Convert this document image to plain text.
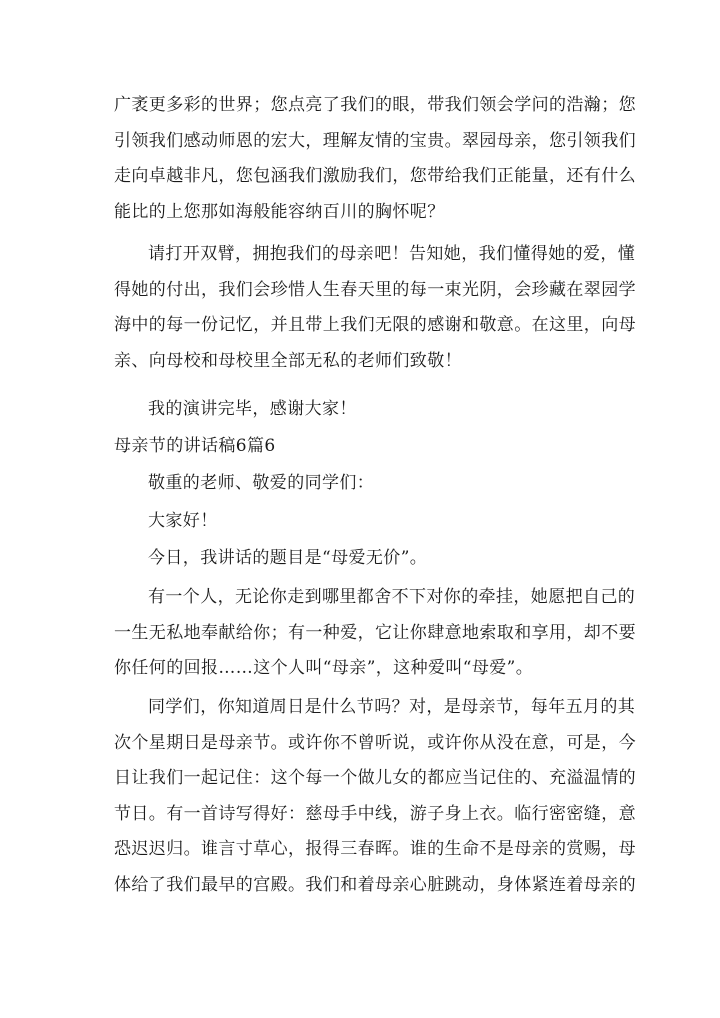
广袤更多彩的世界；您点亮了我们的眼，带我们领会学问的浩瀚；您
引领我们感动师恩的宏大，理解友情的宝贵。翠园母亲，您引领我们
走向卓越非凡，您包涵我们激励我们，您带给我们正能量，还有什么
能比的上您那如海般能容纳百川的胸怀呢？
请打开双臂，拥抱我们的母亲吧！告知她，我们懂得她的爱，懂
得她的付出，我们会珍惜人生春天里的每一束光阴，会珍藏在翠园学
海中的每一份记忆，并且带上我们无限的感谢和敬意。在这里，向母
亲、向母校和母校里全部无私的老师们致敬！
我的演讲完毕，感谢大家！
母亲节的讲话稿6篇6
敬重的老师、敬爱的同学们：
大家好！
今日，我讲话的题目是“母爱无价”。
有一个人，无论你走到哪里都舍不下对你的牵挂，她愿把自己的
一生无私地奉献给你；有一种爱，它让你肆意地索取和享用，却不要
你任何的回报……这个人叫“母亲”，这种爱叫“母爱”。
同学们，你知道周日是什么节吗？对，是母亲节，每年五月的其
次个星期日是母亲节。或许你不曾听说，或许你从没在意，可是，今
日让我们一起记住：这个每一个做儿女的都应当记住的、充溢温情的
节日。有一首诗写得好：慈母手中线，游子身上衣。临行密密缝，意
恐迟迟归。谁言寸草心，报得三春晖。谁的生命不是母亲的赏赐，母
体给了我们最早的宫殿。我们和着母亲心脏跳动，身体紧连着母亲的
